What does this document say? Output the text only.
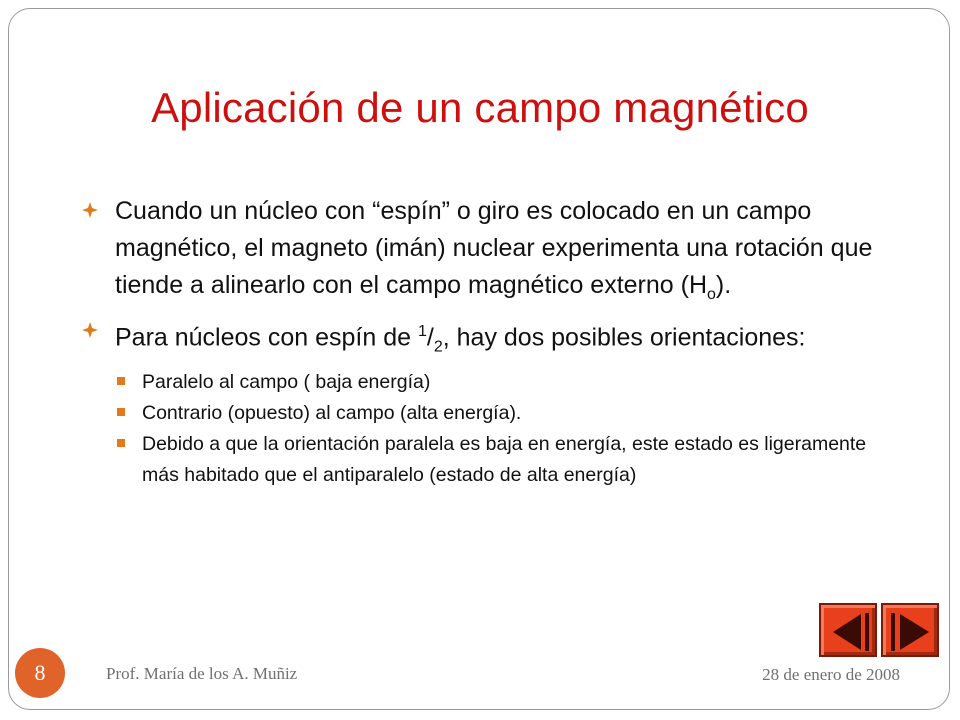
Aplicación de un campo magnético

Cuando un núcleo con “espín” o giro es colocado en un campo magnético, el magneto (imán) nuclear experimenta una rotación que tiende a alinearlo con el campo magnético externo $(H_o)$.

Para núcleos con espín de $^1/_2$, hay dos posibles orientaciones:

Paralelo al campo ( baja energía)

Contrario (opuesto) al campo (alta energía).

Debido a que la orientación paralela es baja en energía, este estado es ligeramente más habitado que el antiparalelo (estado de alta energía)

8	Prof. María de los A. Muñiz	28 de enero de 2008
